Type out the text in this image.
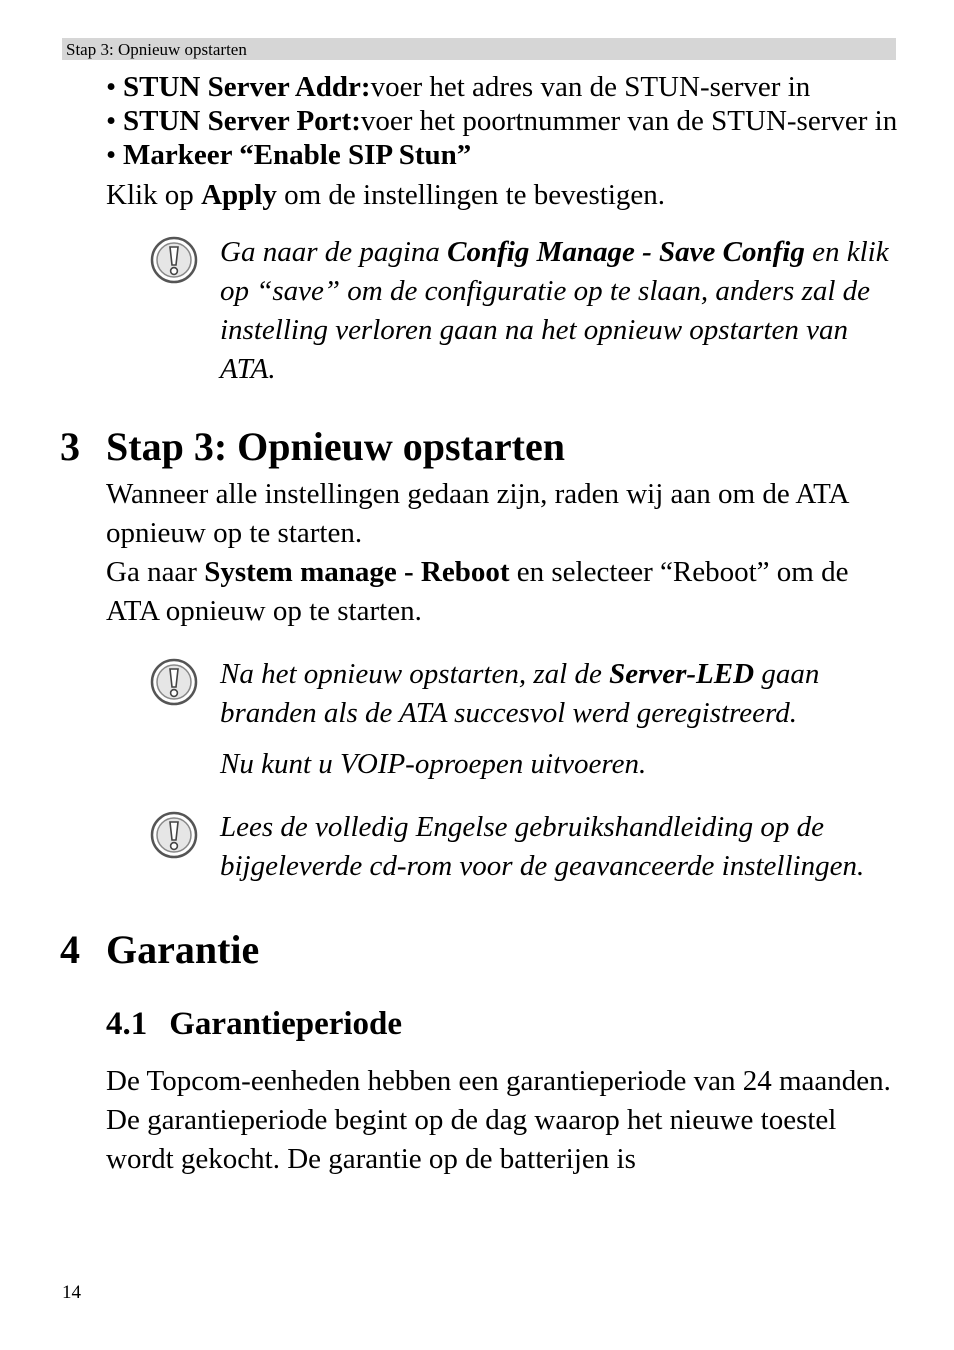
Stap 3: Opnieuw opstarten
• STUN Server Addr:voer het adres van de STUN-server in
• STUN Server Port:voer het poortnummer van de STUN-server in
• Markeer “Enable SIP Stun”

Klik op Apply om de instellingen te bevestigen.

Ga naar de pagina Config Manage - Save Config en klik op “save” om de configuratie op te slaan, anders zal de instelling verloren gaan na het opnieuw opstarten van ATA.

3 Stap 3: Opnieuw opstarten

Wanneer alle instellingen gedaan zijn, raden wij aan om de ATA opnieuw op te starten.

Ga naar System manage - Reboot en selecteer “Reboot” om de ATA opnieuw op te starten.

Na het opnieuw opstarten, zal de Server-LED gaan branden als de ATA succesvol werd geregistreerd.

Nu kunt u VOIP-oproepen uitvoeren.

Lees de volledig Engelse gebruikshandleiding op de bijgeleverde cd-rom voor de geavanceerde instellingen.

4 Garantie
4.1 Garantieperiode

De Topcom-eenheden hebben een garantieperiode van 24 maanden. De garantieperiode begint op de dag waarop het nieuwe toestel wordt gekocht. De garantie op de batterijen is

14
